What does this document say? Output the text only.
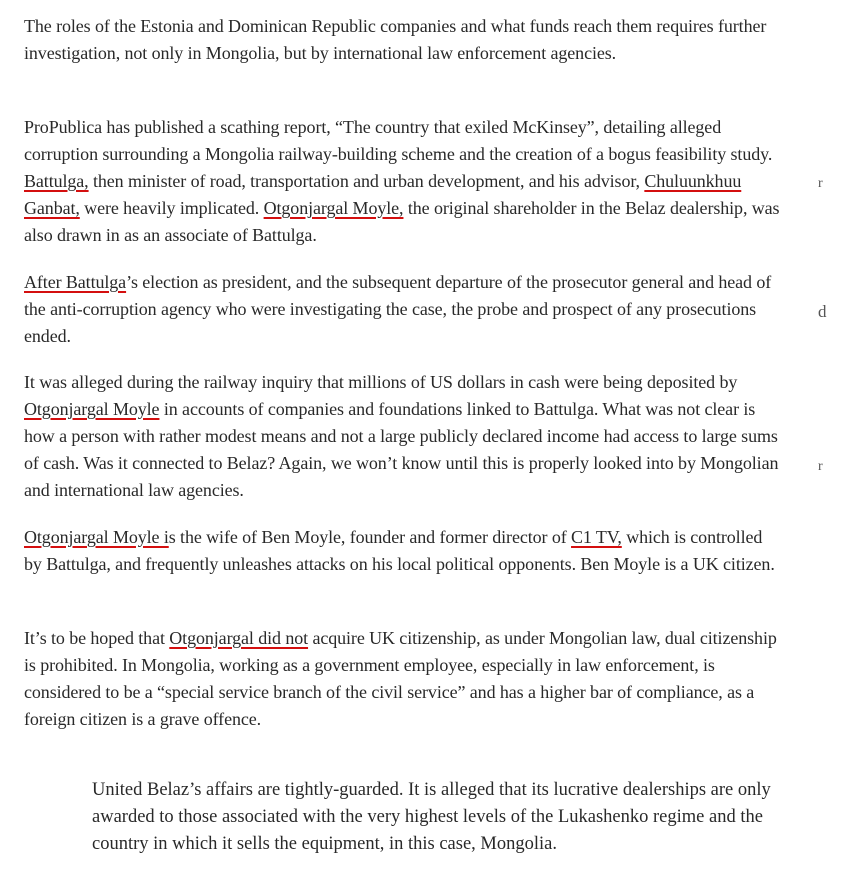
The roles of the Estonia and Dominican Republic companies and what funds reach them requires further investigation, not only in Mongolia, but by international law enforcement agencies.

ProPublica has published a scathing report, “The country that exiled McKinsey”, detailing alleged corruption surrounding a Mongolia railway-building scheme and the creation of a bogus feasibility study. Battulga, then minister of road, transportation and urban development, and his advisor, Chuluunkhuu Ganbat, were heavily implicated. Otgonjargal Moyle, the original shareholder in the Belaz dealership, was also drawn in as an associate of Battulga.

After Battulga’s election as president, and the subsequent departure of the prosecutor general and head of the anti-corruption agency who were investigating the case, the probe and prospect of any prosecutions ended.

It was alleged during the railway inquiry that millions of US dollars in cash were being deposited by Otgonjargal Moyle in accounts of companies and foundations linked to Battulga. What was not clear is how a person with rather modest means and not a large publicly declared income had access to large sums of cash. Was it connected to Belaz? Again, we won’t know until this is properly looked into by Mongolian and international law agencies.

Otgonjargal Moyle is the wife of Ben Moyle, founder and former director of C1 TV, which is controlled by Battulga, and frequently unleashes attacks on his local political opponents. Ben Moyle is a UK citizen.

It’s to be hoped that Otgonjargal did not acquire UK citizenship, as under Mongolian law, dual citizenship is prohibited. In Mongolia, working as a government employee, especially in law enforcement, is considered to be a “special service branch of the civil service” and has a higher bar of compliance, as a foreign citizen is a grave offence.

United Belaz’s affairs are tightly-guarded. It is alleged that its lucrative dealerships are only awarded to those associated with the very highest levels of the Lukashenko regime and the country in which it sells the equipment, in this case, Mongolia.

r
d
r
